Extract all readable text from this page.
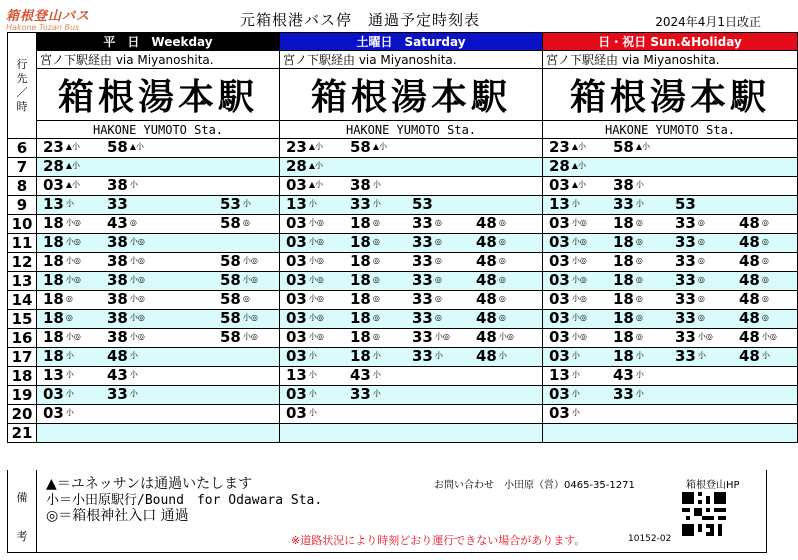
箱根登山バス
Hakone Tozan Bus	元箱根港バス停　通過予定時刻表	2024年4月1日改正
行
先
／
時	平　日　Weekday	土曜日　Saturday	日・祝日 Sun.&Holiday
	宮ノ下駅経由 via Miyanoshita.	宮ノ下駅経由 via Miyanoshita.	宮ノ下駅経由 via Miyanoshita.
	箱根湯本駅	箱根湯本駅	箱根湯本駅
	HAKONE YUMOTO Sta.	HAKONE YUMOTO Sta.	HAKONE YUMOTO Sta.
6	23 $^{▲小}$ 58 $^{▲小}$	23 $^{▲小}$ 58 $^{▲小}$	23 $^{▲小}$ 58 $^{▲小}$

7	28 $^{▲小}$	28 $^{▲小}$	28 $^{▲小}$

8	03 $^{▲小}$ 38 $^小$	03 $^{▲小}$ 38 $^小$	03 $^{▲小}$ 38 $^小$

9	13 $^小$ 33 53 $^小$	13 $^小$ 33 $^小$ 53	13 $^小$ 33 $^小$ 53

10	18 $^{小◎}$ 43 ◎ 58 ◎	03 $^{小◎}$ 18 ◎ 33 ◎ 48 ◎	03 $^{小◎}$ 18 ◎ 33 ◎ 48 ◎

11	18 $^{小◎}$ 38 $^{小◎}$	03 $^{小◎}$ 18 ◎ 33 ◎ 48 ◎	03 $^{小◎}$ 18 ◎ 33 ◎ 48 ◎

12	18 $^{小◎}$ 38 $^{小◎}$ 58 $^{小◎}$	03 $^{小◎}$ 18 ◎ 33 ◎ 48 ◎	03 $^{小◎}$ 18 ◎ 33 ◎ 48 ◎

13	18 $^{小◎}$ 38 $^{小◎}$ 58 $^{小◎}$	03 $^{小◎}$ 18 ◎ 33 ◎ 48 ◎	03 $^{小◎}$ 18 ◎ 33 ◎ 48 ◎

14	18 ◎ 38 $^{小◎}$ 58 ◎	03 $^{小◎}$ 18 ◎ 33 ◎ 48 ◎	03 $^{小◎}$ 18 ◎ 33 ◎ 48 ◎

15	18 ◎ 38 $^{小◎}$ 58 $^{小◎}$	03 $^{小◎}$ 18 ◎ 33 ◎ 48 ◎	03 $^{小◎}$ 18 ◎ 33 ◎ 48 ◎

16	18 $^{小◎}$ 38 $^{小◎}$ 58 $^{小◎}$	03 $^{小◎}$ 18 ◎ 33 $^{小◎}$ 48 $^{小◎}$	03 $^{小◎}$ 18 ◎ 33 $^{小◎}$ 48 $^{小◎}$

17	18 $^小$ 48 $^小$	03 $^小$ 18 $^小$ 33 $^小$ 48 $^小$	03 $^小$ 18 $^小$ 33 $^小$ 48 $^小$

18	13 $^小$ 43 $^小$	13 $^小$ 43 $^小$	13 $^小$ 43 $^小$

19	03 $^小$ 33 $^小$	03 $^小$ 33 $^小$	03 $^小$ 33 $^小$

20	03 $^小$	03 $^小$	03 $^小$

21			
備
考
▲＝ユネッサンは通過いたします
小＝小田原駅行/Bound　for Odawara Sta.
◎＝箱根神社入口 通過
お問い合わせ　小田原（営）0465-35-1271	箱根登山HP
※道路状況により時刻どおり運行できない場合があります。	10152-02
